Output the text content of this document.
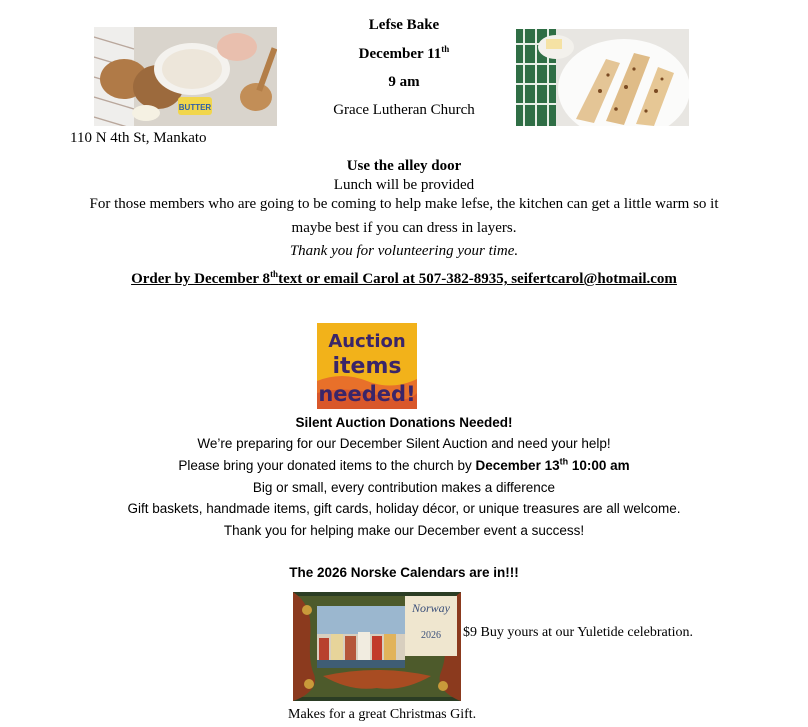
BUTTER
Lefse Bake
December 11th
9 am
Grace Lutheran Church
110 N 4th St, Mankato
Use the alley door
Lunch will be provided
For those members who are going to be coming to help make lefse, the kitchen can get a little warm so it
maybe best if you can dress in layers.
Thank you for volunteering your time.
Order by December 8thtext or email Carol at 507-382-8935, seifertcarol@hotmail.com
Auction
items
needed!
Silent Auction Donations Needed!
We’re preparing for our December Silent Auction and need your help!
Please bring your donated items to the church by December 13th 10:00 am
Big or small, every contribution makes a difference
Gift baskets, handmade items, gift cards, holiday décor, or unique treasures are all welcome.
Thank you for helping make our December event a success!
The 2026 Norske Calendars are in!!!
Norway
2026 $9 Buy yours at our Yuletide celebration.
Makes for a great Christmas Gift.
